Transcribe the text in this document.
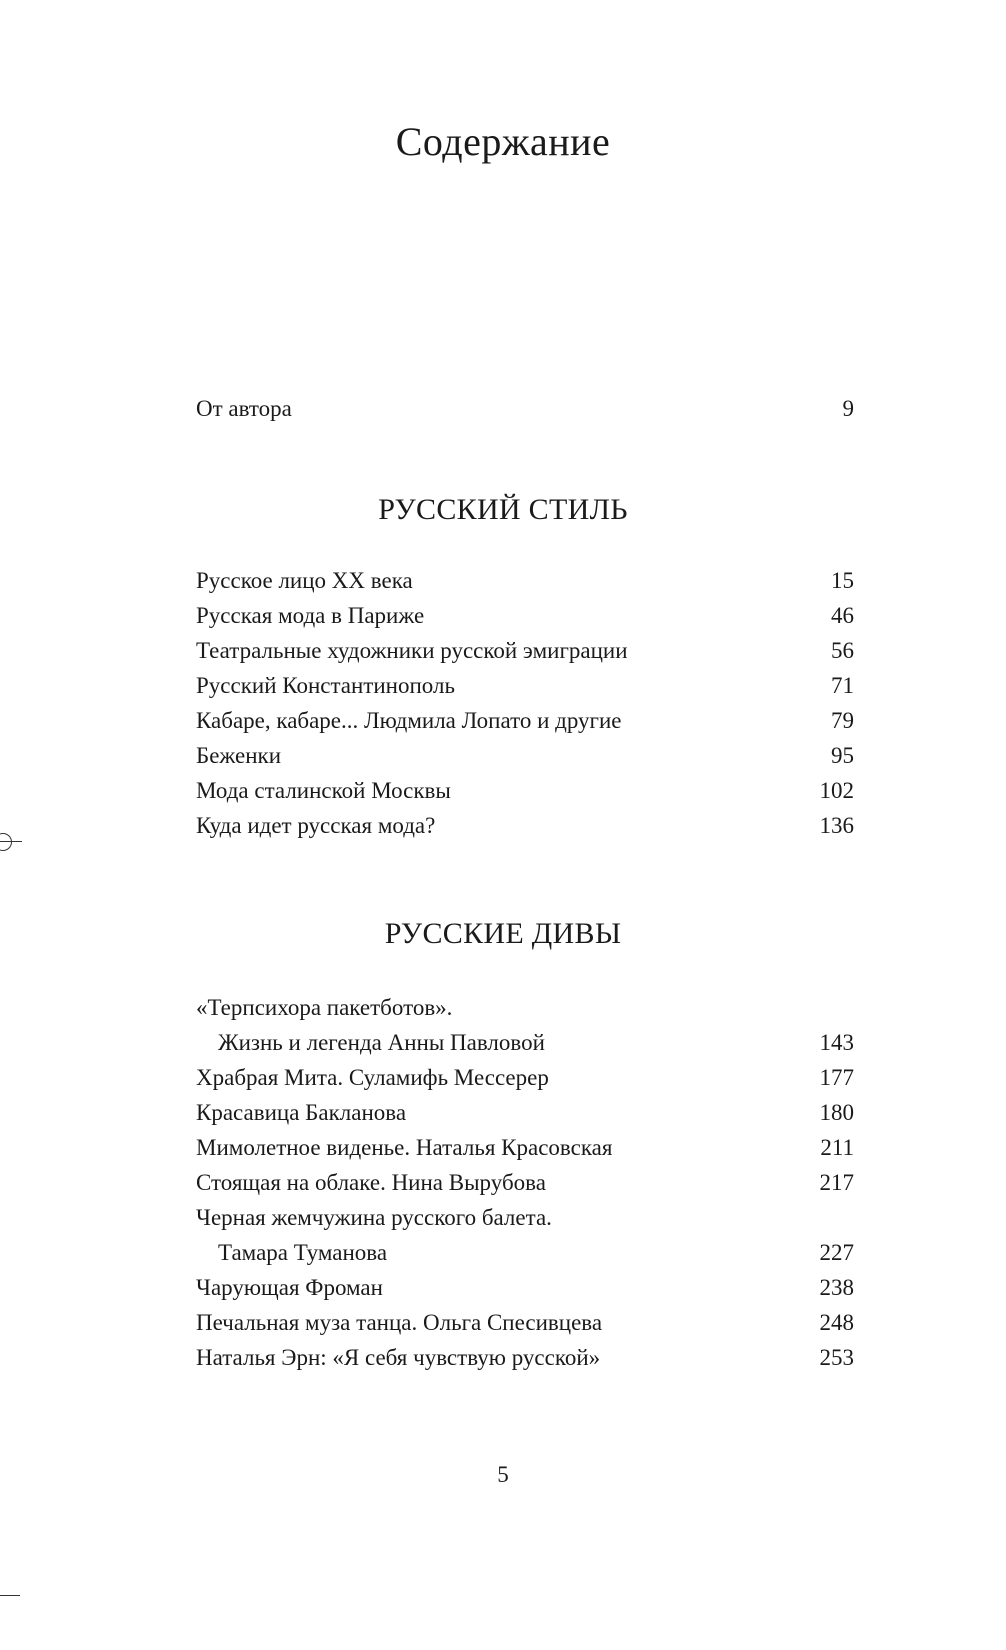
Содержание
От автора	9
РУССКИЙ СТИЛЬ
Русское лицо XX века	15
Русская мода в Париже	46
Театральные художники русской эмиграции	56
Русский Константинополь	71
Кабаре, кабаре... Людмила Лопато и другие	79
Беженки	95
Мода сталинской Москвы	102
Куда идет русская мода?	136
РУССКИЕ ДИВЫ
«Терпсихора пакетботов».
Жизнь и легенда Анны Павловой	143
Храбрая Мита. Суламифь Мессерер	177
Красавица Бакланова	180
Мимолетное виденье. Наталья Красовская	211
Стоящая на облаке. Нина Вырубова	217
Черная жемчужина русского балета.
Тамара Туманова	227
Чарующая Фроман	238
Печальная муза танца. Ольга Спесивцева	248
Наталья Эрн: «Я себя чувствую русской»	253
5
